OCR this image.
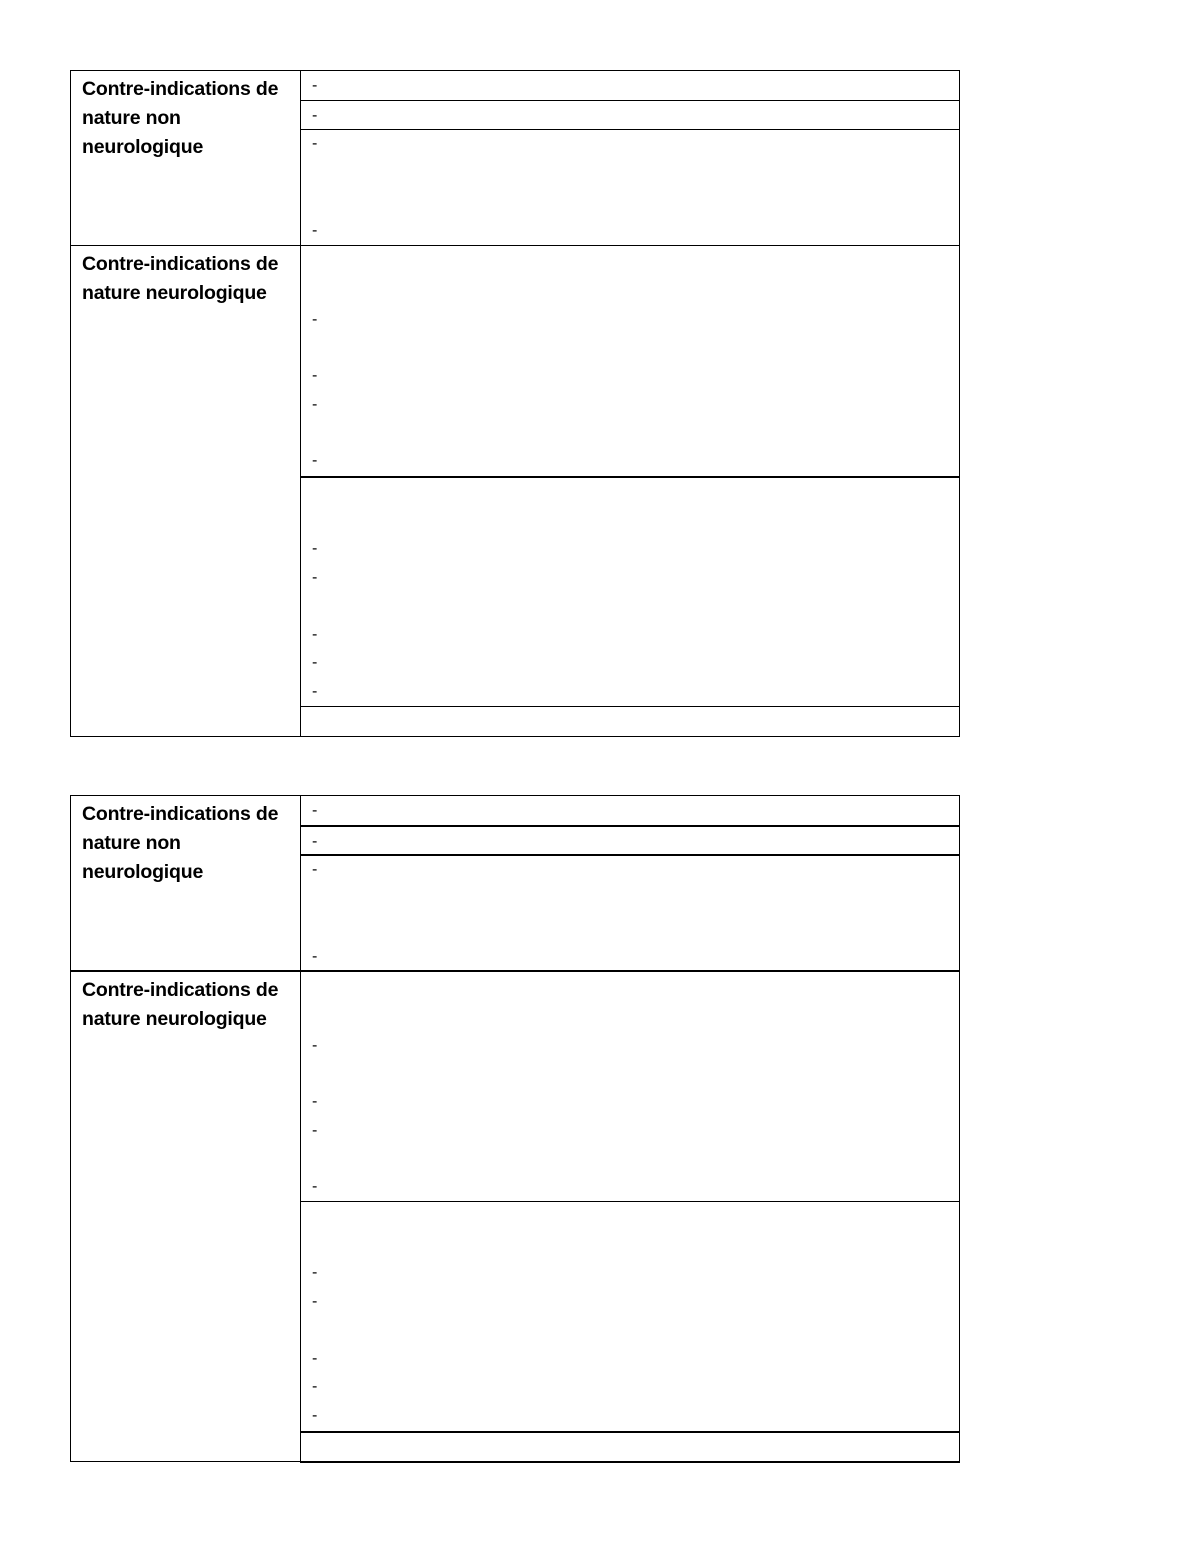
Contre-indications de nature non neurologique	-

	-

	-
-

Contre-indications de nature neurologique	-
-
-
-

	-
-
-
-
-

Contre-indications de nature non neurologique	-

	-

	-
-

Contre-indications de nature neurologique	-
-
-
-

	-
-
-
-
-
